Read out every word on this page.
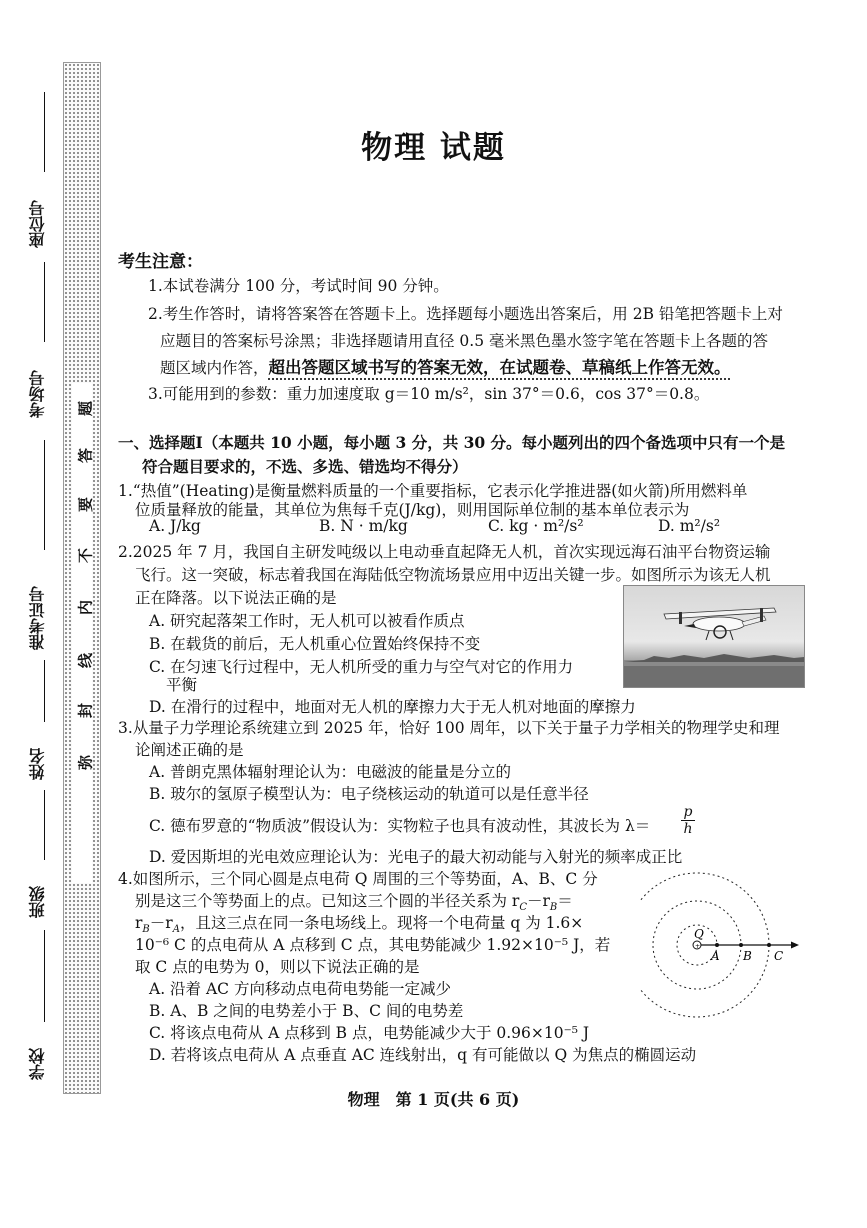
题
答
要
不
内
线
封
弥
座位号
考场号
准考证号
姓名
班级
学校
物理 试题
考生注意：
1.本试卷满分 100 分，考试时间 90 分钟。
2.考生作答时，请将答案答在答题卡上。选择题每小题选出答案后，用 2B 铅笔把答题卡上对
应题目的答案标号涂黑；非选择题请用直径 0.5 毫米黑色墨水签字笔在答题卡上各题的答
题区域内作答，超出答题区域书写的答案无效，在试题卷、草稿纸上作答无效。
3.可能用到的参数：重力加速度取 g＝10 m/s²，sin 37°＝0.6，cos 37°＝0.8。
一、选择题Ⅰ（本题共 10 小题，每小题 3 分，共 30 分。每小题列出的四个备选项中只有一个是
符合题目要求的，不选、多选、错选均不得分）
1.“热值”(Heating)是衡量燃料质量的一个重要指标，它表示化学推进器(如火箭)所用燃料单
位质量释放的能量，其单位为焦每千克(J/kg)，则用国际单位制的基本单位表示为
A. J/kg	B. N · m/kg	C. kg · m²/s²	D. m²/s²
2.2025 年 7 月，我国自主研发吨级以上电动垂直起降无人机，首次实现远海石油平台物资运输
飞行。这一突破，标志着我国在海陆低空物流场景应用中迈出关键一步。如图所示为该无人机
正在降落。以下说法正确的是
A. 研究起落架工作时，无人机可以被看作质点
B. 在载货的前后，无人机重心位置始终保持不变
C. 在匀速飞行过程中，无人机所受的重力与空气对它的作用力
平衡
D. 在滑行的过程中，地面对无人机的摩擦力大于无人机对地面的摩擦力
3.从量子力学理论系统建立到 2025 年，恰好 100 周年，以下关于量子力学相关的物理学史和理
论阐述正确的是
A. 普朗克黑体辐射理论认为：电磁波的能量是分立的
B. 玻尔的氢原子模型认为：电子绕核运动的轨道可以是任意半径
C. 德布罗意的“物质波”假设认为：实物粒子也具有波动性，其波长为 $\lambda= \frac{p}{h}$
D. 爱因斯坦的光电效应理论认为：光电子的最大初动能与入射光的频率成正比
4.如图所示，三个同心圆是点电荷 Q 周围的三个等势面，A、B、C 分
别是这三个等势面上的点。已知这三个圆的半径关系为 $r_C-r_B=$
$r_B-r_A$，且这三点在同一条电场线上。现将一个电荷量 q 为 1.6×
10⁻⁶ C 的点电荷从 A 点移到 C 点，其电势能减少 1.92×10⁻⁵ J，若
取 C 点的电势为 0，则以下说法正确的是
A. 沿着 AC 方向移动点电荷电势能一定减少
B. A、B 之间的电势差小于 B、C 间的电势差
C. 将该点电荷从 A 点移到 B 点，电势能减少大于 0.96×10⁻⁵ J
D. 若将该点电荷从 A 点垂直 AC 连线射出，q 有可能做以 Q 为焦点的椭圆运动
+
Q
A B C
物理　第 1 页(共 6 页)
